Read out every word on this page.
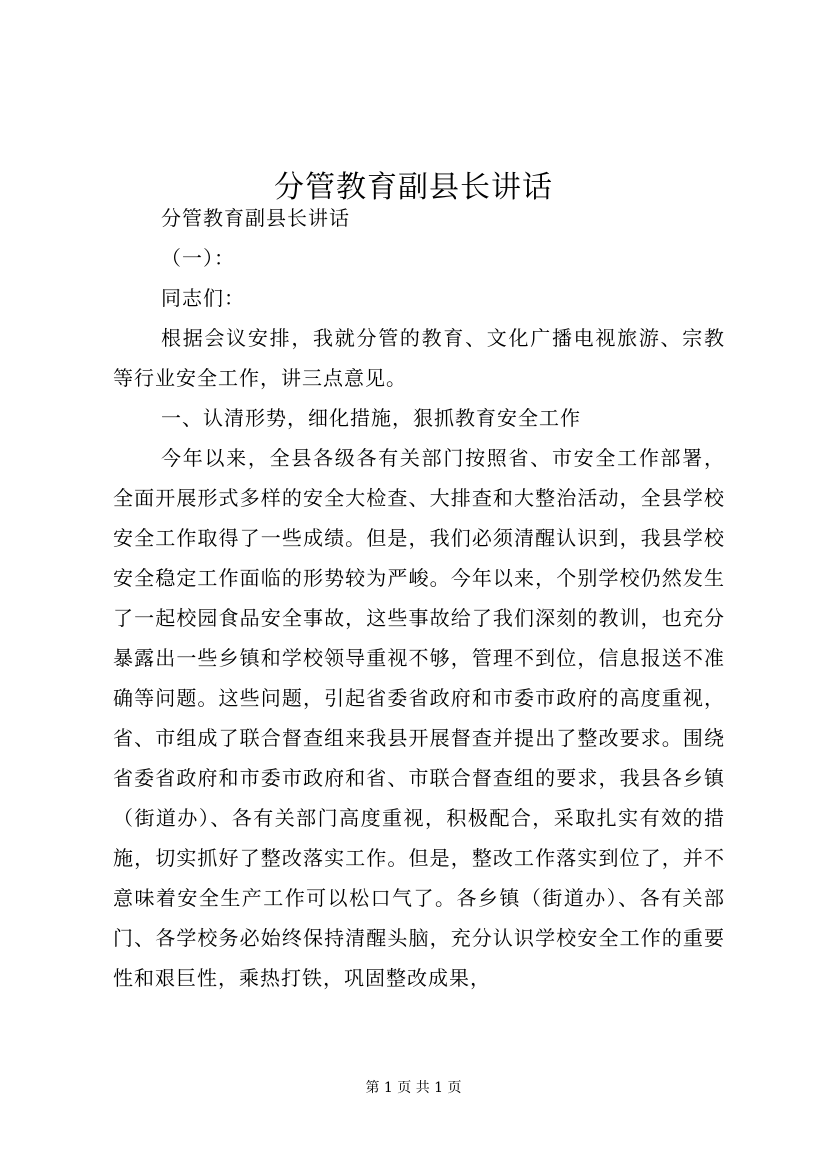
分管教育副县长讲话

分管教育副县长讲话

（一）：

同志们：

根据会议安排，我就分管的教育、文化广播电视旅游、宗教等行业安全工作，讲三点意见。

一、认清形势，细化措施，狠抓教育安全工作

今年以来，全县各级各有关部门按照省、市安全工作部署，全面开展形式多样的安全大检查、大排查和大整治活动，全县学校安全工作取得了一些成绩。但是，我们必须清醒认识到，我县学校安全稳定工作面临的形势较为严峻。今年以来，个别学校仍然发生了一起校园食品安全事故，这些事故给了我们深刻的教训，也充分暴露出一些乡镇和学校领导重视不够，管理不到位，信息报送不准确等问题。这些问题，引起省委省政府和市委市政府的高度重视，省、市组成了联合督查组来我县开展督查并提出了整改要求。围绕省委省政府和市委市政府和省、市联合督查组的要求，我县各乡镇（街道办）、各有关部门高度重视，积极配合，采取扎实有效的措施，切实抓好了整改落实工作。但是，整改工作落实到位了，并不意味着安全生产工作可以松口气了。各乡镇（街道办）、各有关部门、各学校务必始终保持清醒头脑，充分认识学校安全工作的重要性和艰巨性，乘热打铁，巩固整改成果，

第 1 页 共 1 页
